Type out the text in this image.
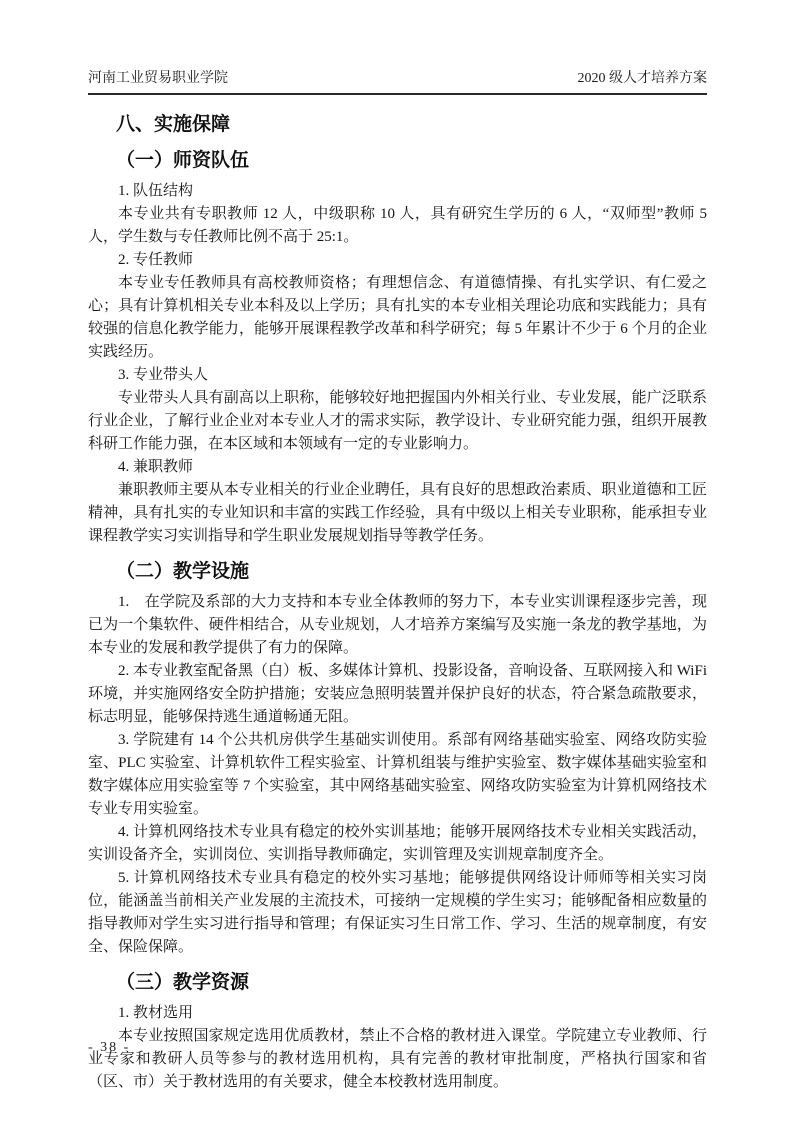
河南工业贸易职业学院	2020 级人才培养方案
八、实施保障
（一）师资队伍

1. 队伍结构

本专业共有专职教师 12 人，中级职称 10 人，具有研究生学历的 6 人，“双师型”教师 5 人，学生数与专任教师比例不高于 25:1。

2. 专任教师

本专业专任教师具有高校教师资格；有理想信念、有道德情操、有扎实学识、有仁爱之心；具有计算机相关专业本科及以上学历；具有扎实的本专业相关理论功底和实践能力；具有较强的信息化教学能力，能够开展课程教学改革和科学研究；每 5 年累计不少于 6 个月的企业实践经历。

3. 专业带头人

专业带头人具有副高以上职称，能够较好地把握国内外相关行业、专业发展，能广泛联系行业企业，了解行业企业对本专业人才的需求实际，教学设计、专业研究能力强，组织开展教科研工作能力强，在本区域和本领域有一定的专业影响力。

4. 兼职教师

兼职教师主要从本专业相关的行业企业聘任，具有良好的思想政治素质、职业道德和工匠精神，具有扎实的专业知识和丰富的实践工作经验，具有中级以上相关专业职称，能承担专业课程教学实习实训指导和学生职业发展规划指导等教学任务。

（二）教学设施

1.　在学院及系部的大力支持和本专业全体教师的努力下，本专业实训课程逐步完善，现已为一个集软件、硬件相结合，从专业规划，人才培养方案编写及实施一条龙的教学基地，为本专业的发展和教学提供了有力的保障。

2. 本专业教室配备黑（白）板、多媒体计算机、投影设备，音响设备、互联网接入和 WiFi 环境，并实施网络安全防护措施；安装应急照明装置并保护良好的状态，符合紧急疏散要求，标志明显，能够保持逃生通道畅通无阻。

3. 学院建有 14 个公共机房供学生基础实训使用。系部有网络基础实验室、网络攻防实验室、PLC 实验室、计算机软件工程实验室、计算机组装与维护实验室、数字媒体基础实验室和数字媒体应用实验室等 7 个实验室，其中网络基础实验室、网络攻防实验室为计算机网络技术专业专用实验室。

4. 计算机网络技术专业具有稳定的校外实训基地；能够开展网络技术专业相关实践活动，实训设备齐全，实训岗位、实训指导教师确定，实训管理及实训规章制度齐全。

5. 计算机网络技术专业具有稳定的校外实习基地；能够提供网络设计师师等相关实习岗位，能涵盖当前相关产业发展的主流技术，可接纳一定规模的学生实习；能够配备相应数量的指导教师对学生实习进行指导和管理；有保证实习生日常工作、学习、生活的规章制度，有安全、保险保障。

（三）教学资源

1. 教材选用

本专业按照国家规定选用优质教材，禁止不合格的教材进入课堂。学院建立专业教师、行业专家和教研人员等参与的教材选用机构，具有完善的教材审批制度，严格执行国家和省（区、市）关于教材选用的有关要求，健全本校教材选用制度。

- 38 -
